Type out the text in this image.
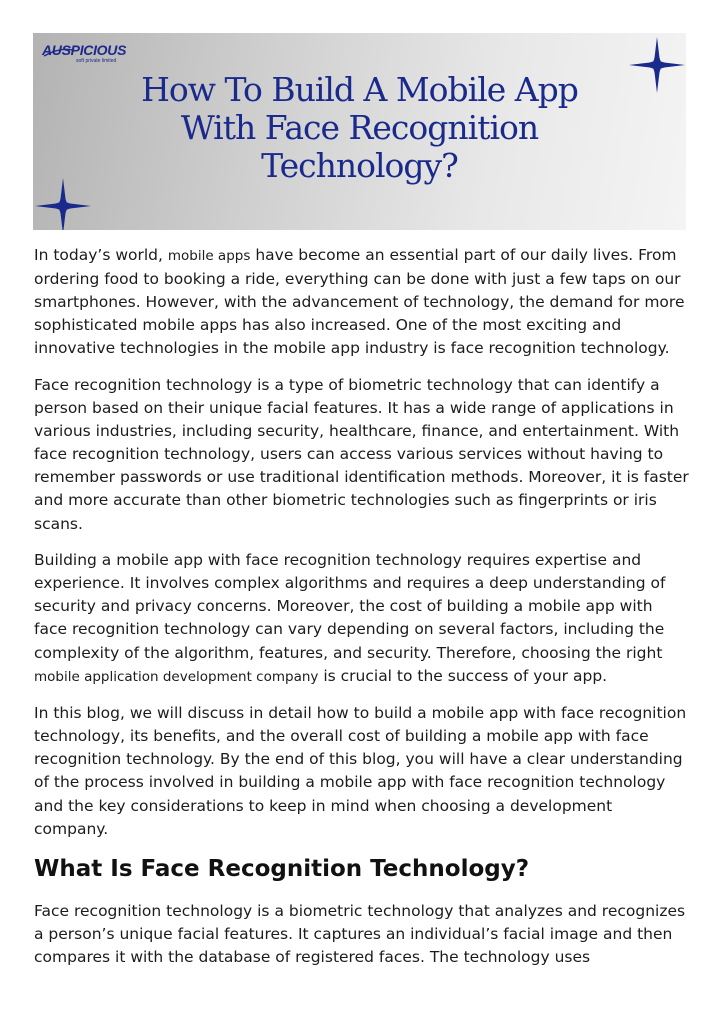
AUSPICIOUS
soft private limited
How To Build A Mobile App
With Face Recognition
Technology?

In today’s world, mobile apps have become an essential part of our daily lives. From ordering food to booking a ride, everything can be done with just a few taps on our smartphones. However, with the advancement of technology, the demand for more sophisticated mobile apps has also increased. One of the most exciting and innovative technologies in the mobile app industry is face recognition technology.

Face recognition technology is a type of biometric technology that can identify a person based on their unique facial features. It has a wide range of applications in various industries, including security, healthcare, finance, and entertainment. With face recognition technology, users can access various services without having to remember passwords or use traditional identification methods. Moreover, it is faster and more accurate than other biometric technologies such as fingerprints or iris scans.

Building a mobile app with face recognition technology requires expertise and experience. It involves complex algorithms and requires a deep understanding of security and privacy concerns. Moreover, the cost of building a mobile app with face recognition technology can vary depending on several factors, including the complexity of the algorithm, features, and security. Therefore, choosing the right mobile application development company is crucial to the success of your app.

In this blog, we will discuss in detail how to build a mobile app with face recognition technology, its benefits, and the overall cost of building a mobile app with face recognition technology. By the end of this blog, you will have a clear understanding of the process involved in building a mobile app with face recognition technology and the key considerations to keep in mind when choosing a development company.

What Is Face Recognition Technology?

Face recognition technology is a biometric technology that analyzes and recognizes a person’s unique facial features. It captures an individual’s facial image and then compares it with the database of registered faces. The technology uses
